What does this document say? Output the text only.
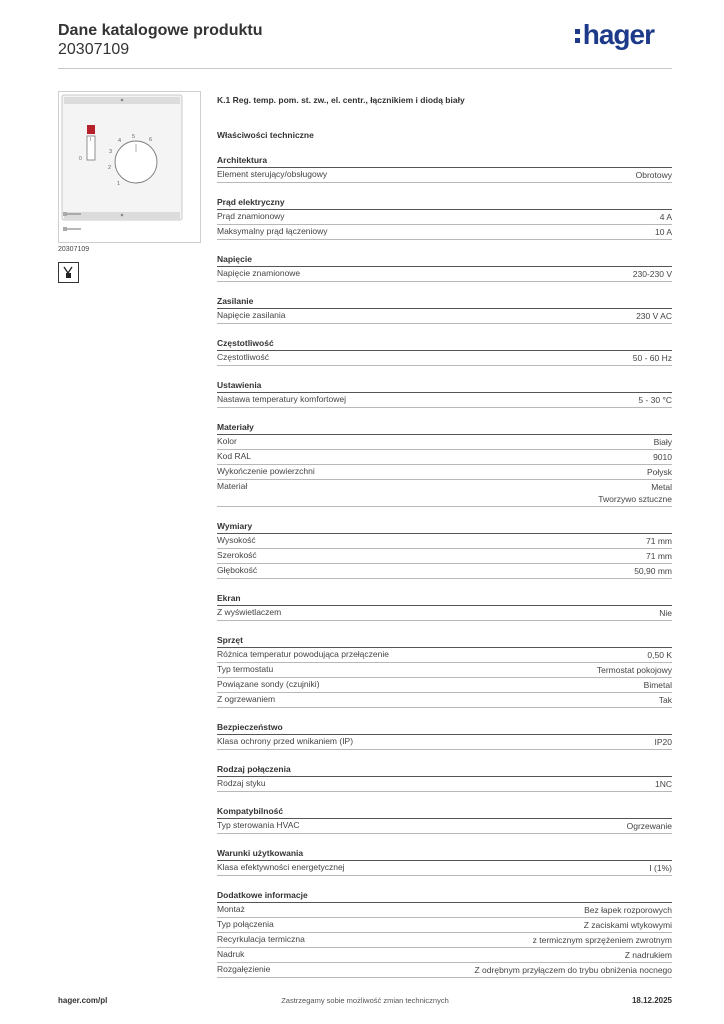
Dane katalogowe produktu
20307109	hager
I
0
1
2
3
4
5	6
20307109
K.1 Reg. temp. pom. st. zw., el. centr., łącznikiem i diodą biały
Właściwości techniczne
Architektura
Element sterujący/obsługowy	Obrotowy
Prąd elektryczny
Prąd znamionowy	4 A
Maksymalny prąd łączeniowy	10 A
Napięcie
Napięcie znamionowe	230-230 V
Zasilanie
Napięcie zasilania	230 V AC
Częstotliwość
Częstotliwość	50 - 60 Hz
Ustawienia
Nastawa temperatury komfortowej	5 - 30 °C
Materiały
Kolor	Biały
Kod RAL	9010
Wykończenie powierzchni	Połysk
Materiał	Metal
Tworzywo sztuczne
Wymiary
Wysokość	71 mm
Szerokość	71 mm
Głębokość	50,90 mm
Ekran
Z wyświetlaczem	Nie
Sprzęt
Różnica temperatur powodująca przełączenie	0,50 K
Typ termostatu	Termostat pokojowy
Powiązane sondy (czujniki)	Bimetal
Z ogrzewaniem	Tak
Bezpieczeństwo
Klasa ochrony przed wnikaniem (IP)	IP20
Rodzaj połączenia
Rodzaj styku	1NC
Kompatybilność
Typ sterowania HVAC	Ogrzewanie
Warunki użytkowania
Klasa efektywności energetycznej	I (1%)
Dodatkowe informacje
Montaż	Bez łapek rozporowych
Typ połączenia	Z zaciskami wtykowymi
Recyrkulacja termiczna	z termicznym sprzężeniem zwrotnym
Nadruk	Z nadrukiem
Rozgałęzienie	Z odrębnym przyłączem do trybu obniżenia nocnego
Zastrzegamy sobie możliwość zmian technicznych
hager.com/pl	18.12.2025
